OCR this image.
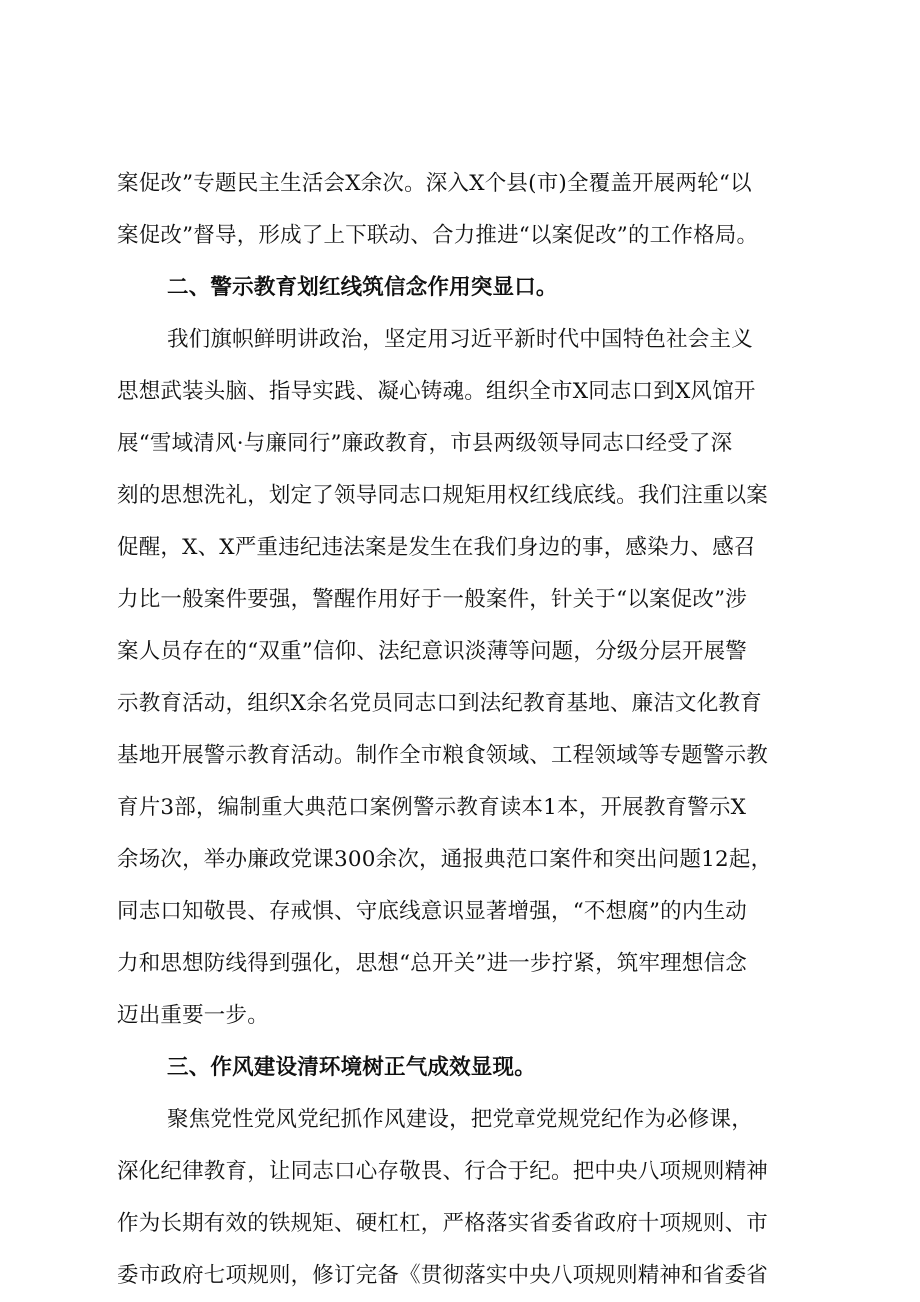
案促改”专题民主生活会X余次。深入X个县(市)全覆盖开展两轮“以
案促改”督导，形成了上下联动、合力推进“以案促改”的工作格局。
二、警示教育划红线筑信念作用突显口。
我们旗帜鲜明讲政治，坚定用习近平新时代中国特色社会主义
思想武装头脑、指导实践、凝心铸魂。组织全市X同志口到X风馆开
展“雪域清风·与廉同行”廉政教育，市县两级领导同志口经受了深
刻的思想洗礼，划定了领导同志口规矩用权红线底线。我们注重以案
促醒，X、X严重违纪违法案是发生在我们身边的事，感染力、感召
力比一般案件要强，警醒作用好于一般案件，针关于“以案促改”涉
案人员存在的“双重”信仰、法纪意识淡薄等问题，分级分层开展警
示教育活动，组织X余名党员同志口到法纪教育基地、廉洁文化教育
基地开展警示教育活动。制作全市粮食领域、工程领域等专题警示教
育片3部，编制重大典范口案例警示教育读本1本，开展教育警示X
余场次，举办廉政党课300余次，通报典范口案件和突出问题12起，
同志口知敬畏、存戒惧、守底线意识显著增强，“不想腐”的内生动
力和思想防线得到强化，思想“总开关”进一步拧紧，筑牢理想信念
迈出重要一步。
三、作风建设清环境树正气成效显现。
聚焦党性党风党纪抓作风建设，把党章党规党纪作为必修课，
深化纪律教育，让同志口心存敬畏、行合于纪。把中央八项规则精神
作为长期有效的铁规矩、硬杠杠，严格落实省委省政府十项规则、市
委市政府七项规则，修订完备《贯彻落实中央八项规则精神和省委省
